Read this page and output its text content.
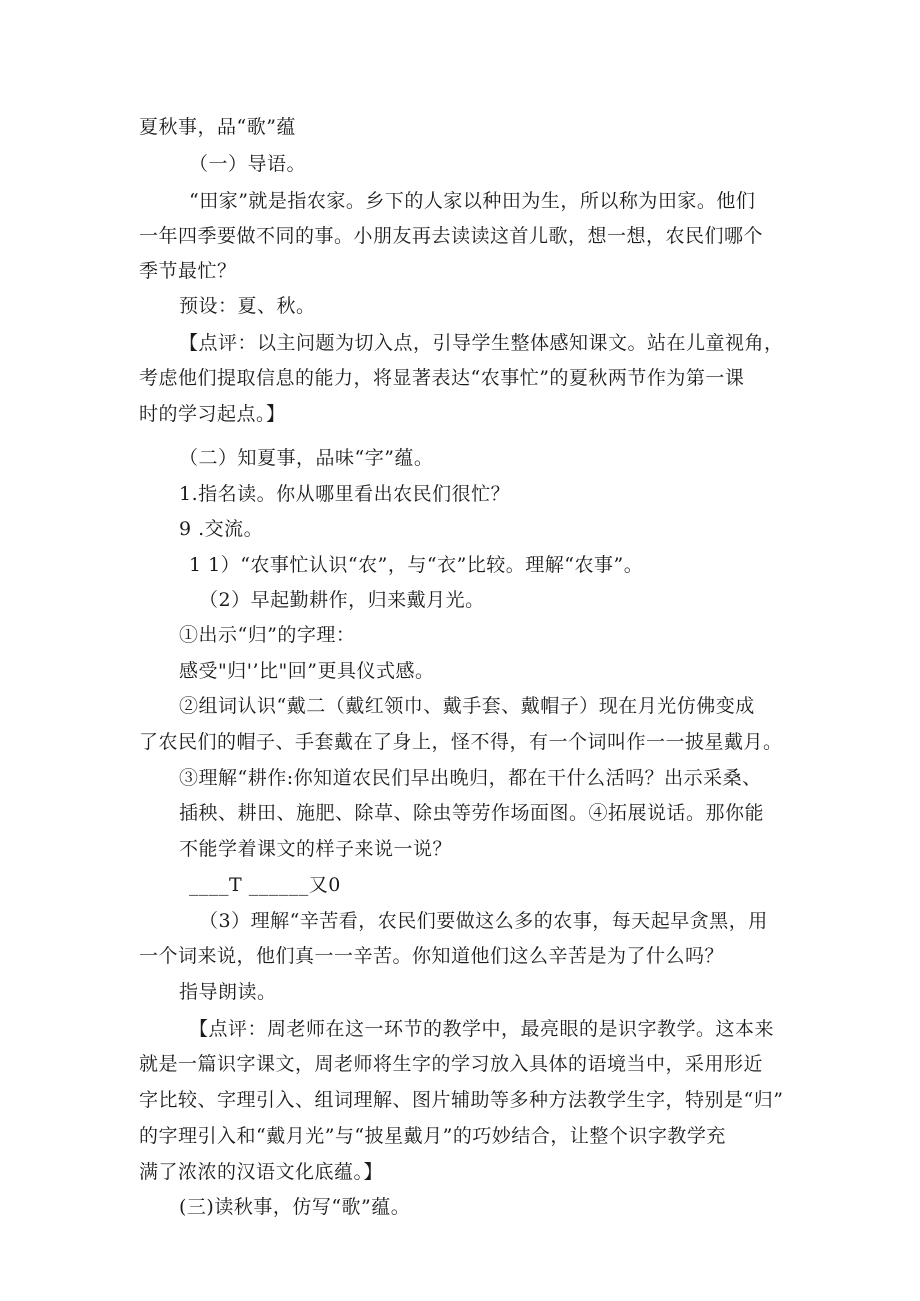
夏秋事，品“歌”蕴
（一）导语。
“田家”就是指农家。乡下的人家以种田为生，所以称为田家。他们
一年四季要做不同的事。小朋友再去读读这首儿歌，想一想，农民们哪个
季节最忙？
预设：夏、秋。
【点评：以主问题为切入点，引导学生整体感知课文。站在儿童视角，
考虑他们提取信息的能力，将显著表达“农事忙”的夏秋两节作为第一课
时的学习起点。】
（二）知夏事，品味“字”蕴。
1.指名读。你从哪里看出农民们很忙？
9 .交流。
1 1）“农事忙认识“农”，与“衣”比较。理解“农事”。
（2）早起勤耕作，归来戴月光。
①出示“归”的字理：
感受"归'’比"回”更具仪式感。
②组词认识“戴二（戴红领巾、戴手套、戴帽子）现在月光仿佛变成
了农民们的帽子、手套戴在了身上，怪不得，有一个词叫作一一披星戴月。
③理解“耕作:你知道农民们早出晚归，都在干什么活吗？出示采桑、
插秧、耕田、施肥、除草、除虫等劳作场面图。④拓展说话。那你能
不能学着课文的样子来说一说？
____T ______又0
（3）理解“辛苦看，农民们要做这么多的农事，每天起早贪黑，用
一个词来说，他们真一一辛苦。你知道他们这么辛苦是为了什么吗？
指导朗读。
【点评：周老师在这一环节的教学中，最亮眼的是识字教学。这本来
就是一篇识字课文，周老师将生字的学习放入具体的语境当中，采用形近
字比较、字理引入、组词理解、图片辅助等多种方法教学生字，特别是“归”
的字理引入和“戴月光”与“披星戴月”的巧妙结合，让整个识字教学充
满了浓浓的汉语文化底蕴。】
(三)读秋事，仿写“歌”蕴。
